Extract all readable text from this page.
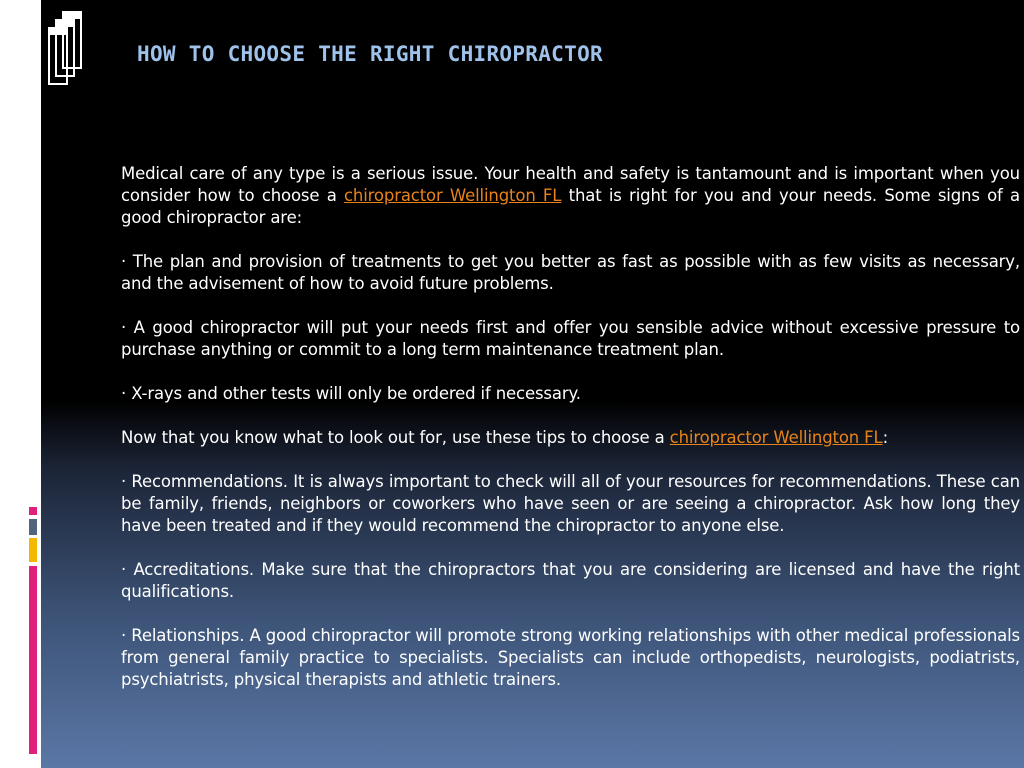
HOW TO CHOOSE THE RIGHT CHIROPRACTOR

Medical care of any type is a serious issue. Your health and safety is tantamount and is important when you consider how to choose a chiropractor Wellington FL that is right for you and your needs. Some signs of a good chiropractor are:

· The plan and provision of treatments to get you better as fast as possible with as few visits as necessary, and the advisement of how to avoid future problems.

· A good chiropractor will put your needs first and offer you sensible advice without excessive pressure to purchase anything or commit to a long term maintenance treatment plan.

· X-rays and other tests will only be ordered if necessary.

Now that you know what to look out for, use these tips to choose a chiropractor Wellington FL:

· Recommendations. It is always important to check will all of your resources for recommendations. These can be family, friends, neighbors or coworkers who have seen or are seeing a chiropractor. Ask how long they have been treated and if they would recommend the chiropractor to anyone else.

· Accreditations. Make sure that the chiropractors that you are considering are licensed and have the right qualifications.

· Relationships. A good chiropractor will promote strong working relationships with other medical professionals from general family practice to specialists. Specialists can include orthopedists, neurologists, podiatrists, psychiatrists, physical therapists and athletic trainers.
